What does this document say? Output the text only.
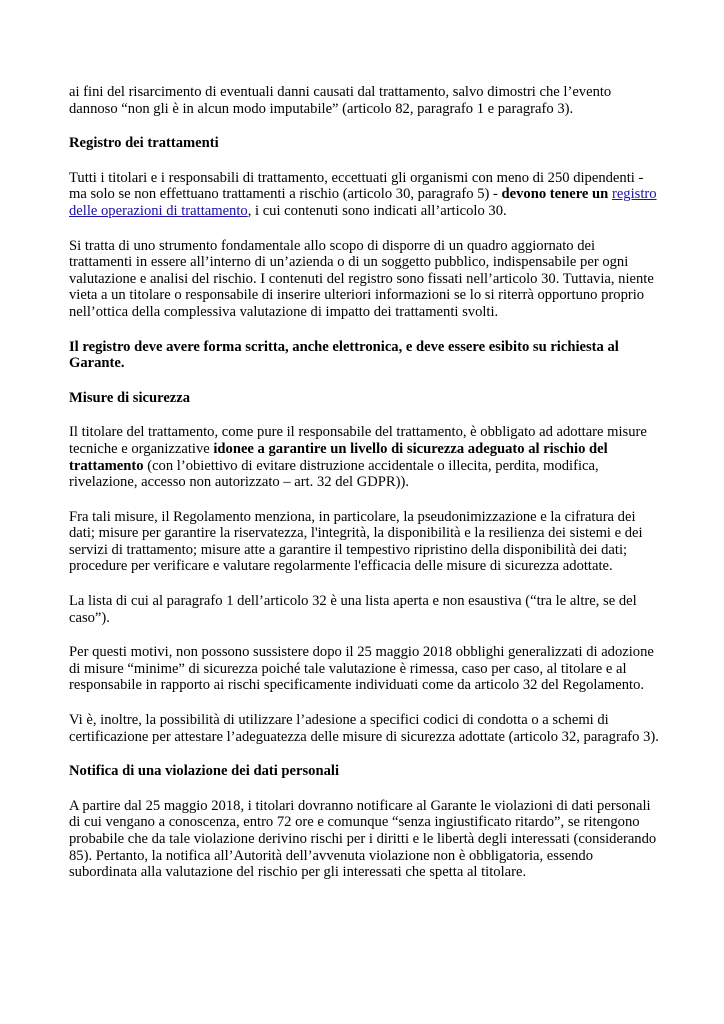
ai fini del risarcimento di eventuali danni causati dal trattamento, salvo dimostri che l’evento dannoso “non gli è in alcun modo imputabile” (articolo 82, paragrafo 1 e paragrafo 3).

Registro dei trattamenti

Tutti i titolari e i responsabili di trattamento, eccettuati gli organismi con meno di 250 dipendenti - ma solo se non effettuano trattamenti a rischio (articolo 30, paragrafo 5) - devono tenere un registro delle operazioni di trattamento, i cui contenuti sono indicati all’articolo 30.

Si tratta di uno strumento fondamentale allo scopo di disporre di un quadro aggiornato dei trattamenti in essere all’interno di un’azienda o di un soggetto pubblico, indispensabile per ogni valutazione e analisi del rischio. I contenuti del registro sono fissati nell’articolo 30. Tuttavia, niente vieta a un titolare o responsabile di inserire ulteriori informazioni se lo si riterrà opportuno proprio nell’ottica della complessiva valutazione di impatto dei trattamenti svolti.

Il registro deve avere forma scritta, anche elettronica, e deve essere esibito su richiesta al Garante.

Misure di sicurezza

Il titolare del trattamento, come pure il responsabile del trattamento, è obbligato ad adottare misure tecniche e organizzative idonee a garantire un livello di sicurezza adeguato al rischio del trattamento (con l’obiettivo di evitare distruzione accidentale o illecita, perdita, modifica, rivelazione, accesso non autorizzato – art. 32 del GDPR)).

Fra tali misure, il Regolamento menziona, in particolare, la pseudonimizzazione e la cifratura dei dati; misure per garantire la riservatezza, l'integrità, la disponibilità e la resilienza dei sistemi e dei servizi di trattamento; misure atte a garantire il tempestivo ripristino della disponibilità dei dati; procedure per verificare e valutare regolarmente l'efficacia delle misure di sicurezza adottate.

La lista di cui al paragrafo 1 dell’articolo 32 è una lista aperta e non esaustiva (“tra le altre, se del caso”).

Per questi motivi, non possono sussistere dopo il 25 maggio 2018 obblighi generalizzati di adozione di misure “minime” di sicurezza poiché tale valutazione è rimessa, caso per caso, al titolare e al responsabile in rapporto ai rischi specificamente individuati come da articolo 32 del Regolamento.

Vi è, inoltre, la possibilità di utilizzare l’adesione a specifici codici di condotta o a schemi di certificazione per attestare l’adeguatezza delle misure di sicurezza adottate (articolo 32, paragrafo 3).

Notifica di una violazione dei dati personali

A partire dal 25 maggio 2018, i titolari dovranno notificare al Garante le violazioni di dati personali di cui vengano a conoscenza, entro 72 ore e comunque “senza ingiustificato ritardo”, se ritengono probabile che da tale violazione derivino rischi per i diritti e le libertà degli interessati (considerando 85). Pertanto, la notifica all’Autorità dell’avvenuta violazione non è obbligatoria, essendo subordinata alla valutazione del rischio per gli interessati che spetta al titolare.
